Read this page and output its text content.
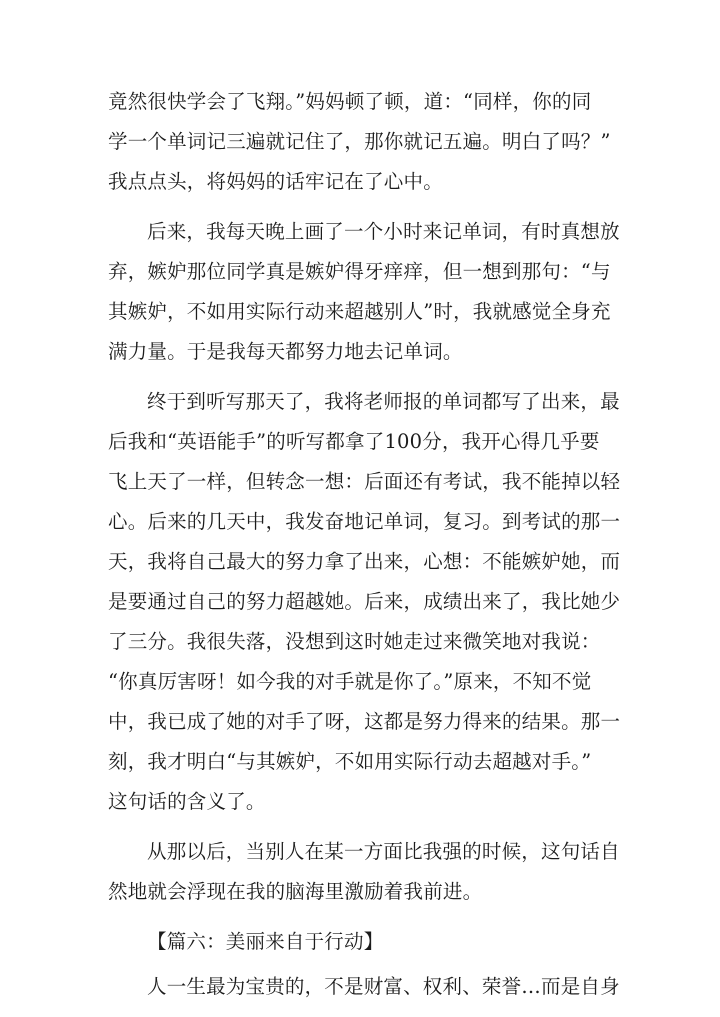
竟然很快学会了飞翔。”妈妈顿了顿，道：“同样，你的同
学一个单词记三遍就记住了，那你就记五遍。明白了吗？”
我点点头，将妈妈的话牢记在了心中。
后来，我每天晚上画了一个小时来记单词，有时真想放
弃，嫉妒那位同学真是嫉妒得牙痒痒，但一想到那句：“与
其嫉妒，不如用实际行动来超越别人”时，我就感觉全身充
满力量。于是我每天都努力地去记单词。
终于到听写那天了，我将老师报的单词都写了出来，最
后我和“英语能手”的听写都拿了100分，我开心得几乎要
飞上天了一样，但转念一想：后面还有考试，我不能掉以轻
心。后来的几天中，我发奋地记单词，复习。到考试的那一
天，我将自己最大的努力拿了出来，心想：不能嫉妒她，而
是要通过自己的努力超越她。后来，成绩出来了，我比她少
了三分。我很失落，没想到这时她走过来微笑地对我说：
“你真厉害呀！如今我的对手就是你了。”原来，不知不觉
中，我已成了她的对手了呀，这都是努力得来的结果。那一
刻，我才明白“与其嫉妒，不如用实际行动去超越对手。”
这句话的含义了。
从那以后，当别人在某一方面比我强的时候，这句话自
然地就会浮现在我的脑海里激励着我前进。
【篇六：美丽来自于行动】
人一生最为宝贵的，不是财富、权利、荣誉…而是自身
